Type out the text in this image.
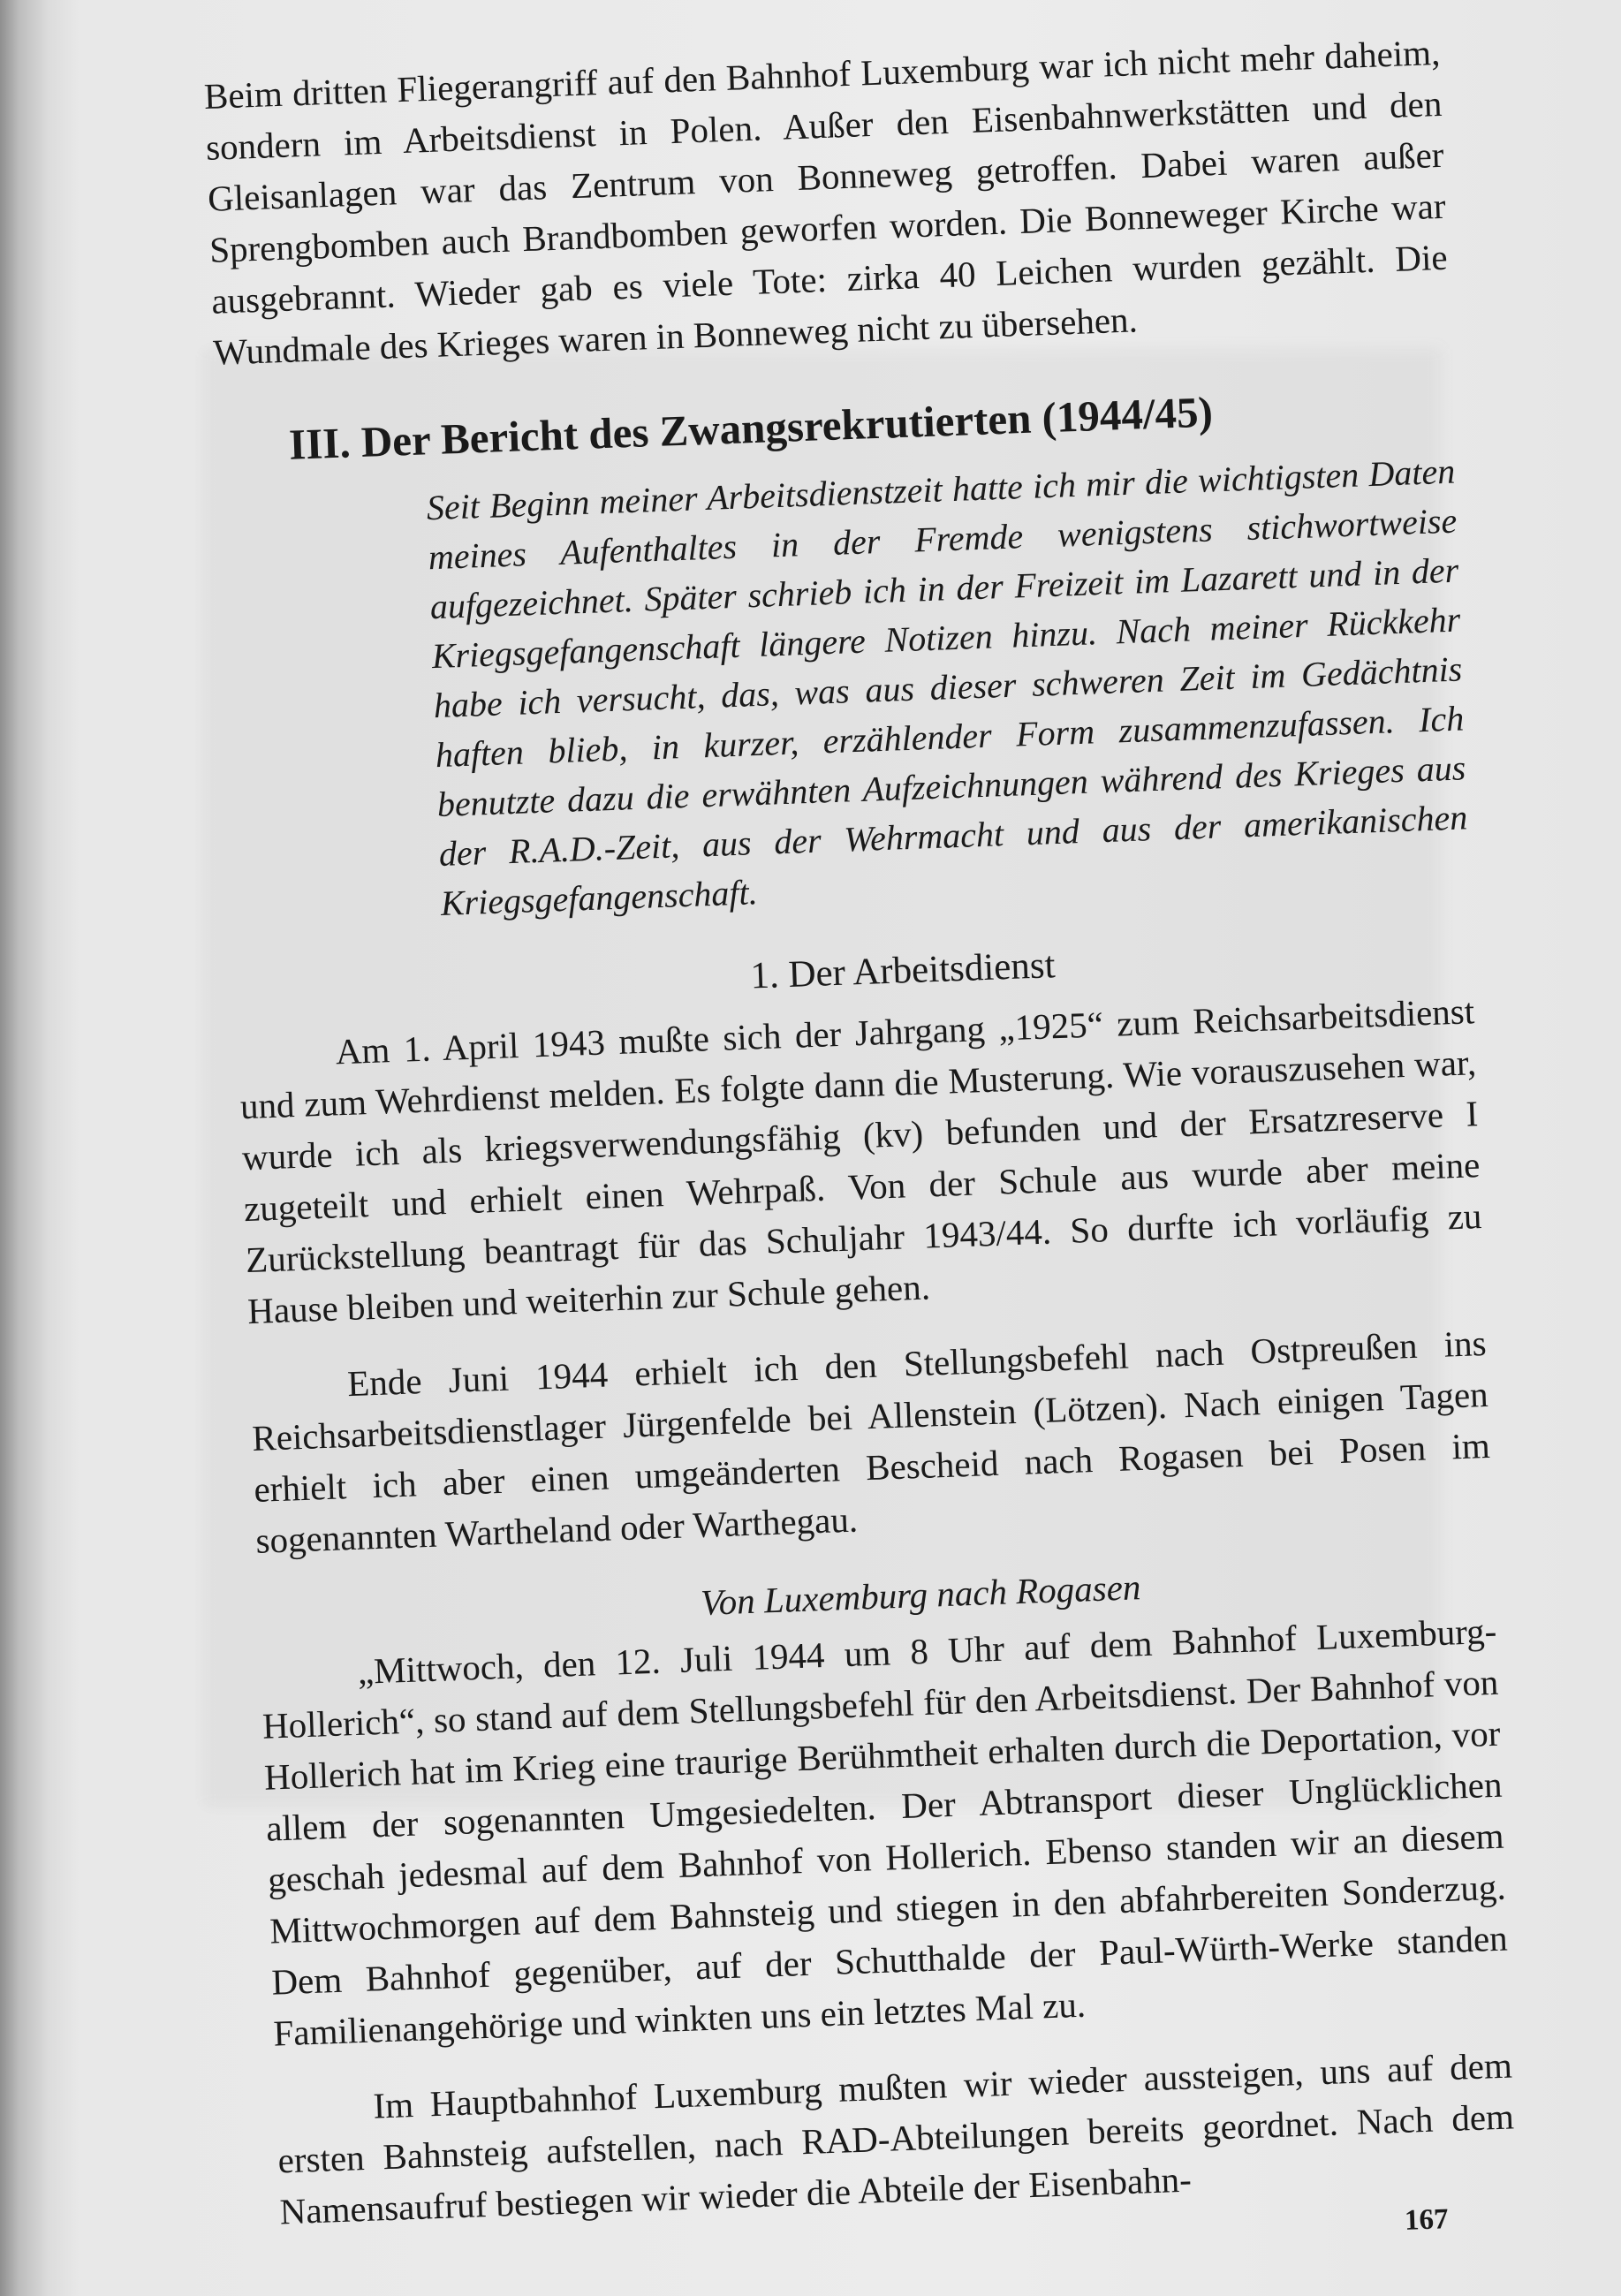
Beim dritten Fliegerangriff auf den Bahnhof Luxemburg war ich nicht mehr daheim, sondern im Arbeitsdienst in Polen. Außer den Eisenbahnwerkstätten und den Gleisanlagen war das Zentrum von Bonneweg getroffen. Dabei waren außer Sprengbomben auch Brandbomben geworfen worden. Die Bonneweger Kirche war ausgebrannt. Wieder gab es viele Tote: zirka 40 Leichen wurden gezählt. Die Wundmale des Krieges waren in Bonneweg nicht zu übersehen.

III. Der Bericht des Zwangsrekrutierten (1944/45)

Seit Beginn meiner Arbeitsdienstzeit hatte ich mir die wichtigsten Daten meines Aufenthaltes in der Fremde wenigstens stichwortweise aufgezeichnet. Später schrieb ich in der Freizeit im Lazarett und in der Kriegsgefangenschaft längere Notizen hinzu. Nach meiner Rückkehr habe ich versucht, das, was aus dieser schweren Zeit im Gedächtnis haften blieb, in kurzer, erzählender Form zusammenzufassen. Ich benutzte dazu die erwähnten Aufzeichnungen während des Krieges aus der R.A.D.-Zeit, aus der Wehrmacht und aus der amerikanischen Kriegsgefangenschaft.

1. Der Arbeitsdienst

Am 1. April 1943 mußte sich der Jahrgang „1925“ zum Reichsarbeitsdienst und zum Wehrdienst melden. Es folgte dann die Musterung. Wie vorauszusehen war, wurde ich als kriegsverwendungsfähig (kv) befunden und der Ersatzreserve I zugeteilt und erhielt einen Wehrpaß. Von der Schule aus wurde aber meine Zurückstellung beantragt für das Schuljahr 1943/44. So durfte ich vorläufig zu Hause bleiben und weiterhin zur Schule gehen.

Ende Juni 1944 erhielt ich den Stellungsbefehl nach Ostpreußen ins Reichsarbeitsdienstlager Jürgenfelde bei Allenstein (Lötzen). Nach einigen Tagen erhielt ich aber einen umgeänderten Bescheid nach Rogasen bei Posen im sogenannten Wartheland oder Warthegau.

Von Luxemburg nach Rogasen

„Mittwoch, den 12. Juli 1944 um 8 Uhr auf dem Bahnhof Luxemburg-Hollerich“, so stand auf dem Stellungsbefehl für den Arbeitsdienst. Der Bahnhof von Hollerich hat im Krieg eine traurige Berühmtheit erhalten durch die Deportation, vor allem der sogenannten Umgesiedelten. Der Abtransport dieser Unglücklichen geschah jedesmal auf dem Bahnhof von Hollerich. Ebenso standen wir an diesem Mittwochmorgen auf dem Bahnsteig und stiegen in den abfahrbereiten Sonderzug. Dem Bahnhof gegenüber, auf der Schutthalde der Paul-Würth-Werke standen Familienangehörige und winkten uns ein letztes Mal zu.

Im Hauptbahnhof Luxemburg mußten wir wieder aussteigen, uns auf dem ersten Bahnsteig aufstellen, nach RAD-Abteilungen bereits geordnet. Nach dem Namensaufruf bestiegen wir wieder die Abteile der Eisenbahn-	167
